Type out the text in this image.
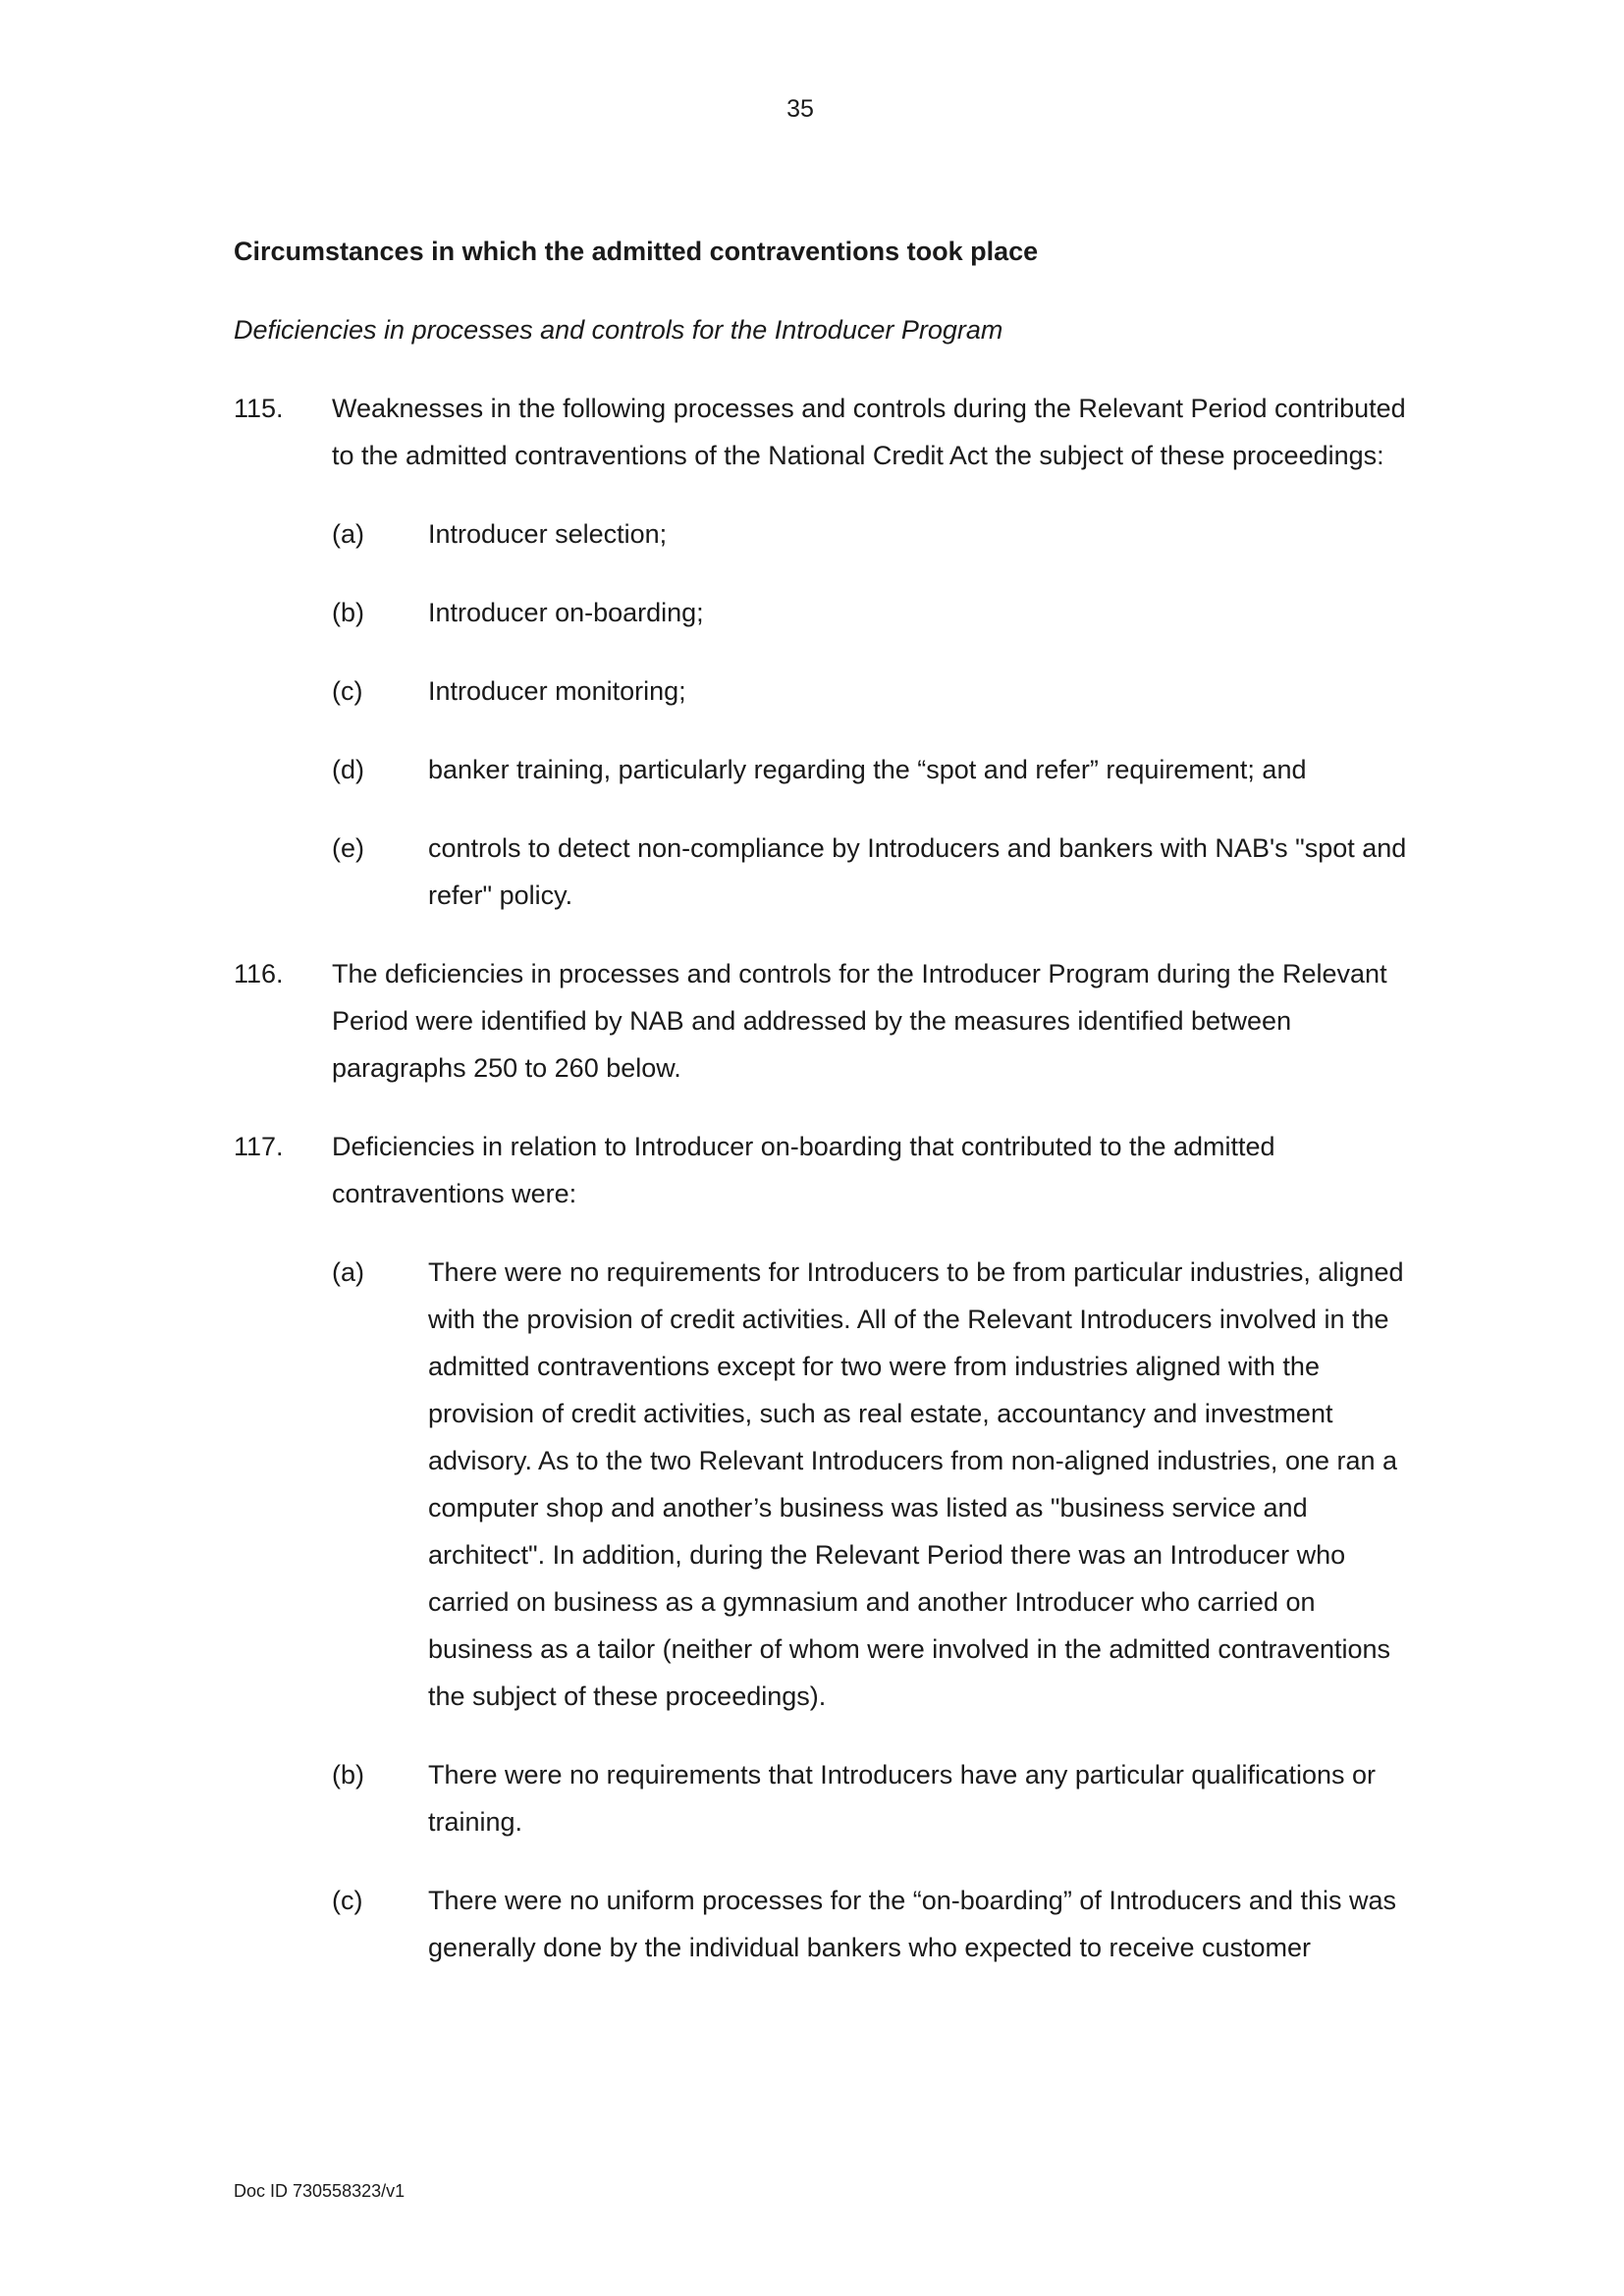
35
Circumstances in which the admitted contraventions took place
Deficiencies in processes and controls for the Introducer Program
115.	Weaknesses in the following processes and controls during the Relevant Period contributed to the admitted contraventions of the National Credit Act the subject of these proceedings:
(a)	Introducer selection;
(b)	Introducer on-boarding;
(c)	Introducer monitoring;
(d)	banker training, particularly regarding the “spot and refer” requirement; and
(e)	controls to detect non-compliance by Introducers and bankers with NAB's "spot and refer" policy.
116.	The deficiencies in processes and controls for the Introducer Program during the Relevant Period were identified by NAB and addressed by the measures identified between paragraphs 250 to 260 below.
117.	Deficiencies in relation to Introducer on-boarding that contributed to the admitted contraventions were:
(a)	There were no requirements for Introducers to be from particular industries, aligned with the provision of credit activities. All of the Relevant Introducers involved in the admitted contraventions except for two were from industries aligned with the provision of credit activities, such as real estate, accountancy and investment advisory. As to the two Relevant Introducers from non-aligned industries, one ran a computer shop and another’s business was listed as "business service and architect". In addition, during the Relevant Period there was an Introducer who carried on business as a gymnasium and another Introducer who carried on business as a tailor (neither of whom were involved in the admitted contraventions the subject of these proceedings).
(b)	There were no requirements that Introducers have any particular qualifications or training.
(c)	There were no uniform processes for the “on-boarding” of Introducers and this was generally done by the individual bankers who expected to receive customer
Doc ID 730558323/v1
